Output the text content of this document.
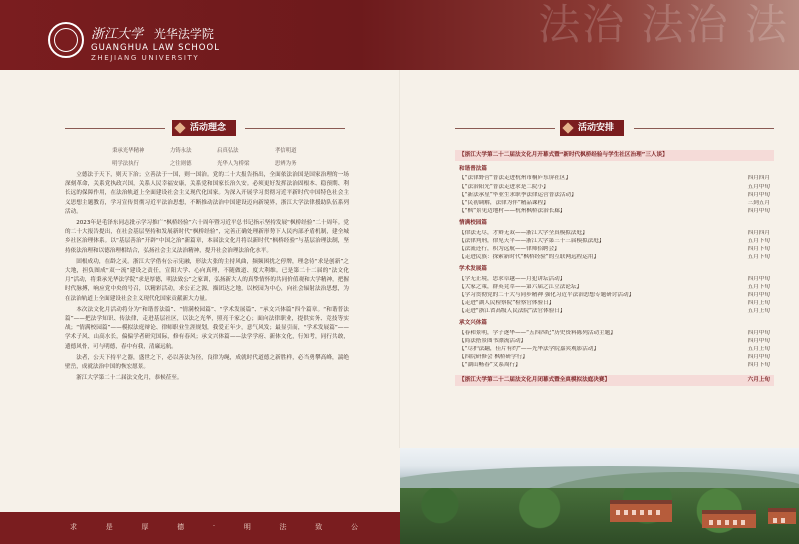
法治 法治 法
浙江大学 光华法学院
GUANGHUA LAW SCHOOL
ZHEJIANG UNIVERSITY
活动理念
秉承光华精神	力铸永法	启真弘法	孝信明道
明学法执行	之往则德	光华人为桥梁	思辨为务

立德法于天下，则天下治；立善法于一国，则一国治。党的二十大报告指出，全面依法治国是国家治理的一场深刻革命，关系党执政兴国，关系人民幸福安康，关系党和国家长治久安。必须更好发挥法治固根本、稳预期、利长远的保障作用，在法治轨道上全面建设社会主义现代化国家。为深入开展学习贯彻习近平新时代中国特色社会主义思想主题教育，学习宣传贯彻习近平法治思想，不断推动法治中国建设迈向新境界，浙江大学法律援助队伍系列活动。

2023年是毛泽东同志批示学习推广“枫桥经验”六十周年暨习近平总书记指示坚持发展“枫桥经验”二十周年。党的二十大报告提出，在社会基层坚持和发展新时代“枫桥经验”，完善正确处理新形势下人民内部矛盾机制，建全城乡社区治理体系。以“基层善治”开辟“中国之治”新篇章，本届法文化月将以新时代“枫桥经验”与基层治理法制，坚持依法治理和以德治理相结合，弘扬社会主义法治精神，提升社会治理法治化水平。

固根成功，在龄之灵。浙江大学借有公示宪融，形法大张的主持风曲，频频困扰之停牌，理念待“求是创新”之大地，担负图成“双一流”建设之责任，宣阳大学、心向真理，不随做道、度大利维。已是第二十二届的“法文化月”活动，将秉承光华法学院“求是厚德，明法致公”之家训，弘扬新大人的真挚情怀的共同价值观和大学精神，把握时代脉搏，响应党中央的号召，以精彩活动，求公正之源，描团达之地，以校园为中心，向社会辐射法治思想，为在法治轨道上全面建设社会主义现代化国家贡献新大力量。

本次法文化月活动将分为“和谐普法篇”、“情满校园篇”、“学术发展篇”、“承文兴体篇”四个篇章。“和谐普法篇”——把法学知识、传法律，走进基层社区，以法之光华，照亮千家之心；面向法律职业，提供实务、竞技等实战；“情满校园篇”——模拟法庭辩论、律师职业生涯规划，我爱正年少，意气风发；最显引而，“学术发展篇”——学术子风、山高水长，偏偏学者研究国际，修有春风；承文兴体篇——法学学府、新体文化，行知考，同行共敢，遗德风骨，可与明德，春中有我，清廉远航。

法者，公天下持平之器，盛世之下，必以善法为径，良律为绳，成就时代道德之新胜样，必当勇攀高峰，湍绝壁岳，成就法治中国的恢宏愿景。

浙江大学第二十二届法文化月，恭候莅至。

活动安排
【浙江大学第二十二届法文化月开幕式暨“新时代枫桥经验与学生社区治理”三人谈】
和谐普法篇
【“法律野营”普法走进杭州市桐庐东屏社区】	四月四月
【“法治阳光”普法走进求是二院小】	五月中旬
【“新法承星”毕业生求职季法律运营普法活动】	四月中旬
【“民初调解，法律为伴”精品课程】	三到五月
【“枫”景见边地村——杭州枫桥法治长廊】	四月中旬
情满校园篇
【律法无尽，才辩无双——浙江大学全真模拟法庭】	四月四月
【法律判刑，律见天平——浙江大学第三十三届模拟法庭】	五月下旬
【法流还行，积为远航——律师招聘会】	四月下旬
【走进民族：探索新时代“枫桥经验”的互联网远程运用】	五月下旬
学术发展篇
【学无止境，思求卓越——月犯讲坛活动】	四月中旬
【大家之策，群英竞萃——第六届之江立法论坛】	五月下旬
【学习贯彻党的二十大与同步精神 强化习近平法治思想专题研讨活动】	四月中旬
【走进“湖人民检察院”检察官体验日】	四月上旬
【走进“浙江省高级人民法院”法官体验日】	五月上旬
承文兴体篇
【春和景明，学子逐华——“五四四纪”历史资料陈列活动主题】	四月中旬
【简法搭景图书漂流活动】	四月中旬
【“尽护法翻，佳片有约”——光华法学院嘉宾观影活动】	五月上旬
【四院研修会 枫桥研学行】	四月中旬
【“湖山畅春”文系周行】	四月下旬
【浙江大学第二十二届法文化月闭幕式暨全真模拟法庭决赛】	六月上旬
求 是 厚 德 · 明 法 致 公
